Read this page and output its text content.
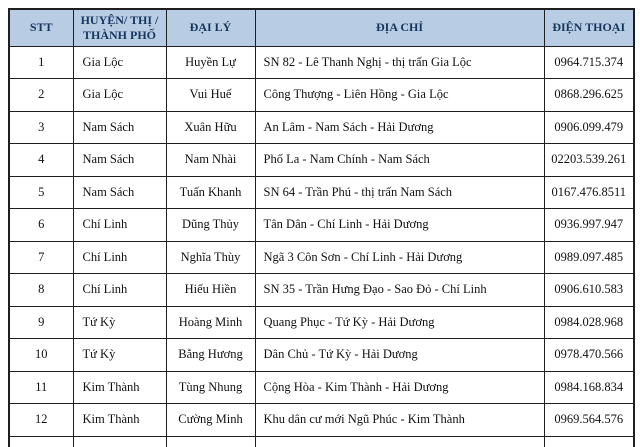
STT	HUYỆN/ THỊ / THÀNH PHỐ	ĐẠI LÝ	ĐỊA CHỈ	ĐIỆN THOẠI
1	Gia Lộc	Huyền Lự	SN 82 - Lê Thanh Nghị - thị trấn Gia Lộc	0964.715.374
2	Gia Lộc	Vui Huế	Công Thượng - Liên Hồng - Gia Lộc	0868.296.625
3	Nam Sách	Xuân Hữu	An Lâm - Nam Sách - Hải Dương	0906.099.479
4	Nam Sách	Nam Nhài	Phố La - Nam Chính - Nam Sách	02203.539.261
5	Nam Sách	Tuấn Khanh	SN 64 - Trần Phú - thị trấn Nam Sách	0167.476.8511
6	Chí Linh	Dũng Thủy	Tân Dân - Chí Linh - Hải Dương	0936.997.947
7	Chí Linh	Nghĩa Thùy	Ngã 3 Côn Sơn - Chí Linh - Hải Dương	0989.097.485
8	Chí Linh	Hiếu Hiền	SN 35 - Trần Hưng Đạo - Sao Đỏ - Chí Linh	0906.610.583
9	Tứ Kỳ	Hoàng Minh	Quang Phục - Tứ Kỳ - Hải Dương	0984.028.968
10	Tứ Kỳ	Bằng Hương	Dân Chủ - Tứ Kỳ - Hải Dương	0978.470.566
11	Kim Thành	Tùng Nhung	Cộng Hòa - Kim Thành - Hải Dương	0984.168.834
12	Kim Thành	Cường Minh	Khu dân cư mới Ngũ Phúc - Kim Thành	0969.564.576
